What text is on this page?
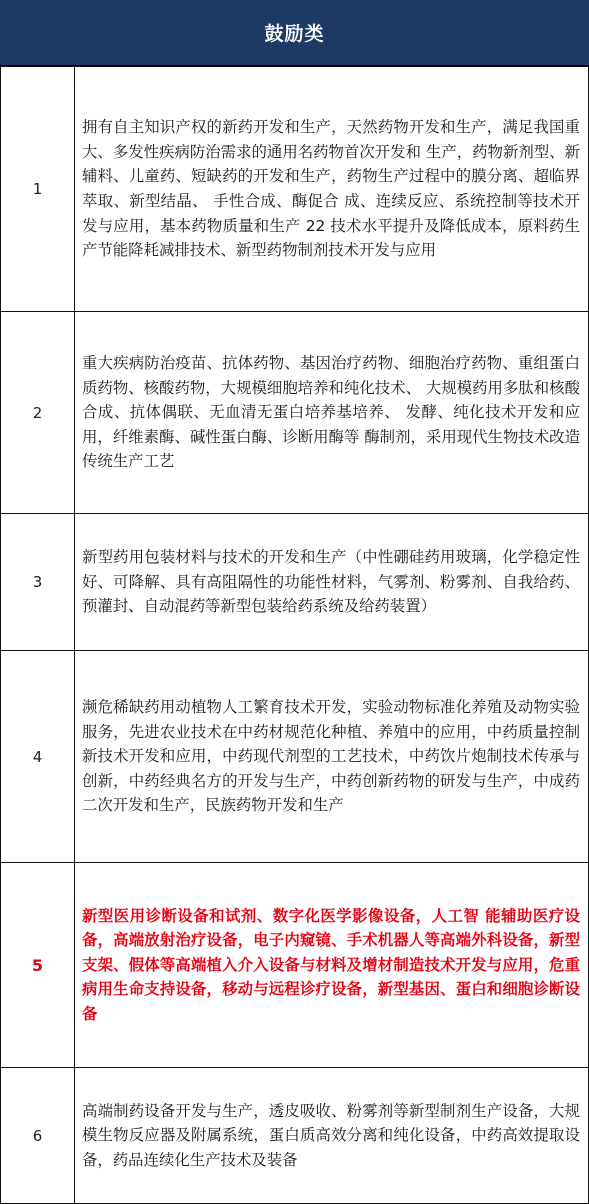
鼓励类
1	拥有自主知识产权的新药开发和生产，天然药物开发和生产，满足我国重大、多发性疾病防治需求的通用名药物首次开发和 生产，药物新剂型、新辅料、儿童药、短缺药的开发和生产，药物生产过程中的膜分离、超临界萃取、新型结晶、 手性合成、酶促合 成、连续反应、系统控制等技术开发与应用，基本药物质量和生产 22 技术水平提升及降低成本，原料药生产节能降耗减排技术、新型药物制剂技术开发与应用
2	重大疾病防治疫苗、抗体药物、基因治疗药物、细胞治疗药物、重组蛋白质药物、核酸药物，大规模细胞培养和纯化技术、 大规模药用多肽和核酸合成、抗体偶联、无血清无蛋白培养基培养、 发酵、纯化技术开发和应用，纤维素酶、碱性蛋白酶、诊断用酶等 酶制剂，采用现代生物技术改造传统生产工艺
3	新型药用包装材料与技术的开发和生产（中性硼硅药用玻璃，化学稳定性好、可降解、具有高阻隔性的功能性材料，气雾剂、粉雾剂、自我给药、预灌封、自动混药等新型包装给药系统及给药装置）
4	濒危稀缺药用动植物人工繁育技术开发，实验动物标准化养殖及动物实验服务，先进农业技术在中药材规范化种植、养殖中的应用，中药质量控制新技术开发和应用，中药现代剂型的工艺技术，中药饮片炮制技术传承与创新，中药经典名方的开发与生产，中药创新药物的研发与生产，中成药二次开发和生产，民族药物开发和生产
5	新型医用诊断设备和试剂、数字化医学影像设备，人工智 能辅助医疗设备，高端放射治疗设备，电子内窥镜、手术机器人等高端外科设备，新型支架、假体等高端植入介入设备与材料及增材制造技术开发与应用，危重病用生命支持设备，移动与远程诊疗设备，新型基因、蛋白和细胞诊断设备
6	高端制药设备开发与生产，透皮吸收、粉雾剂等新型制剂生产设备，大规模生物反应器及附属系统，蛋白质高效分离和纯化设备，中药高效提取设备，药品连续化生产技术及装备
